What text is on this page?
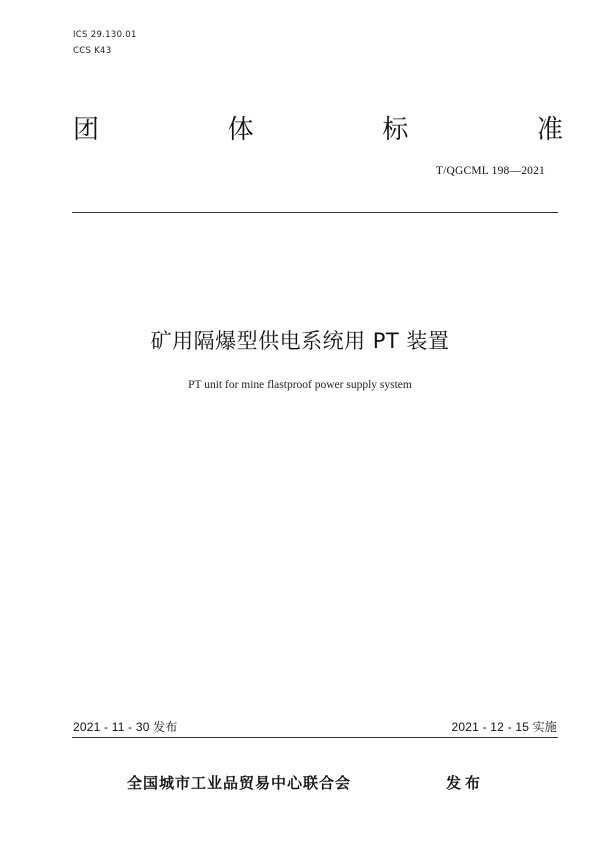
ICS 29.130.01
CCS K43
团	体	标	准
T/QGCML 198—2021
矿用隔爆型供电系统用 PT 装置
PT unit for mine flastproof power supply system
2021 - 11 - 30 发布	2021 - 12 - 15 实施
全国城市工业品贸易中心联合会	发布
